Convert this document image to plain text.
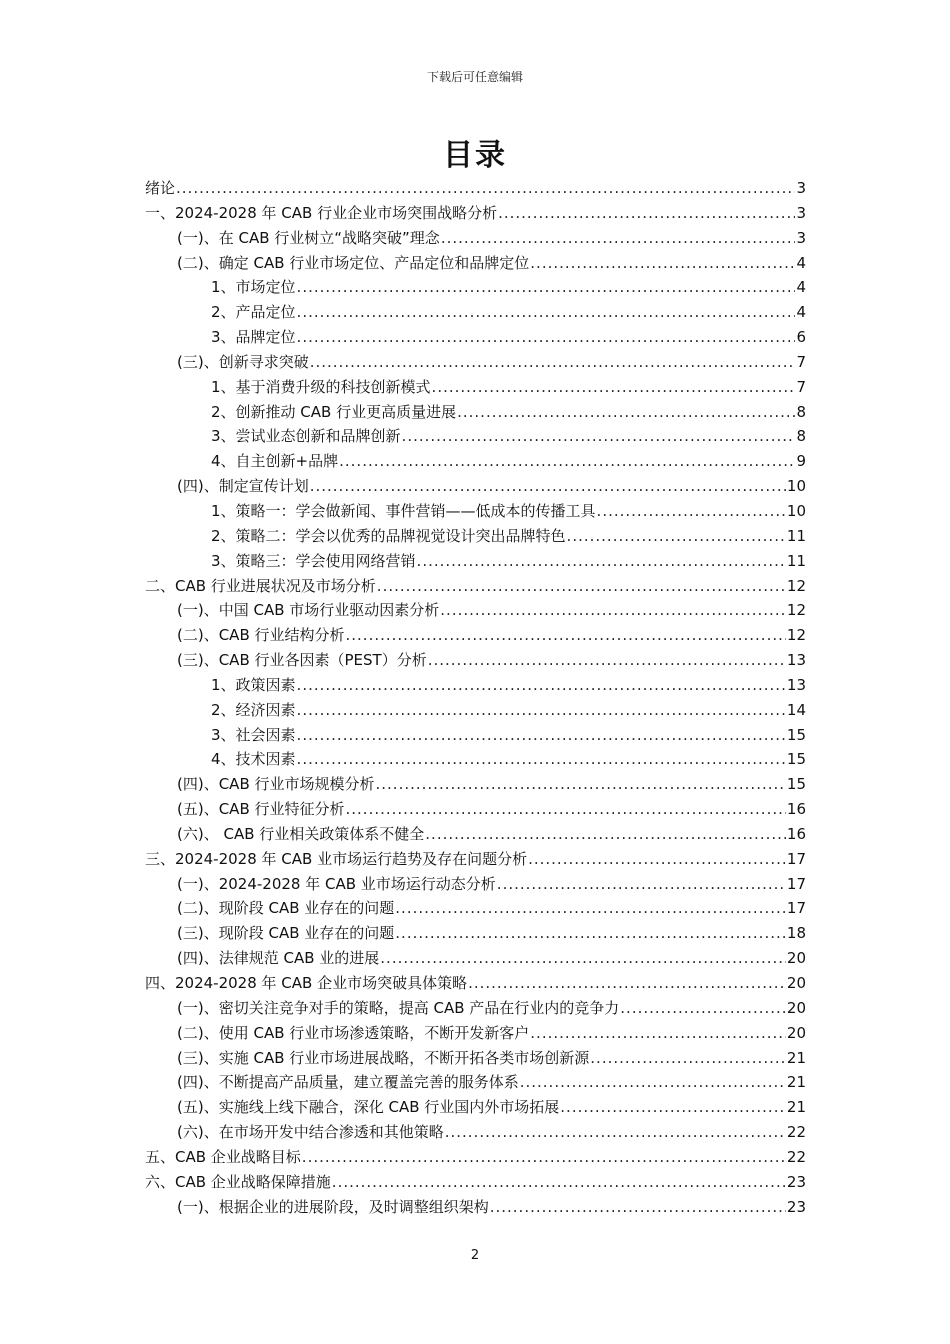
下载后可任意编辑
目录
绪论 .....	3
一、2024-2028 年 CAB 行业企业市场突围战略分析 .....	3
(一)、在 CAB 行业树立“战略突破”理念 .....	3
(二)、确定 CAB 行业市场定位、产品定位和品牌定位 .....	4
1、市场定位 .....	4
2、产品定位 .....	4
3、品牌定位 .....	6
(三)、创新寻求突破 .....	7
1、基于消费升级的科技创新模式 .....	7
2、创新推动 CAB 行业更高质量进展 .....	8
3、尝试业态创新和品牌创新 .....	8
4、自主创新+品牌 .....	9
(四)、制定宣传计划 .....	10
1、策略一：学会做新闻、事件营销——低成本的传播工具 .....	10
2、策略二：学会以优秀的品牌视觉设计突出品牌特色 .....	11
3、策略三：学会使用网络营销 .....	11
二、CAB 行业进展状况及市场分析 .....	12
(一)、中国 CAB 市场行业驱动因素分析 .....	12
(二)、CAB 行业结构分析 .....	12
(三)、CAB 行业各因素（PEST）分析 .....	13
1、政策因素 .....	13
2、经济因素 .....	14
3、社会因素 .....	15
4、技术因素 .....	15
(四)、CAB 行业市场规模分析 .....	15
(五)、CAB 行业特征分析 .....	16
(六)、 CAB 行业相关政策体系不健全 .....	16
三、2024-2028 年 CAB 业市场运行趋势及存在问题分析 .....	17
(一)、2024-2028 年 CAB 业市场运行动态分析 .....	17
(二)、现阶段 CAB 业存在的问题 .....	17
(三)、现阶段 CAB 业存在的问题 .....	18
(四)、法律规范 CAB 业的进展 .....	20
四、2024-2028 年 CAB 企业市场突破具体策略 .....	20
(一)、密切关注竞争对手的策略，提高 CAB 产品在行业内的竞争力 .....	20
(二)、使用 CAB 行业市场渗透策略，不断开发新客户 .....	20
(三)、实施 CAB 行业市场进展战略，不断开拓各类市场创新源 .....	21
(四)、不断提高产品质量，建立覆盖完善的服务体系 .....	21
(五)、实施线上线下融合，深化 CAB 行业国内外市场拓展 .....	21
(六)、在市场开发中结合渗透和其他策略 .....	22
五、CAB 企业战略目标 .....	22
六、CAB 企业战略保障措施 .....	23
(一)、根据企业的进展阶段，及时调整组织架构 .....	23
2
